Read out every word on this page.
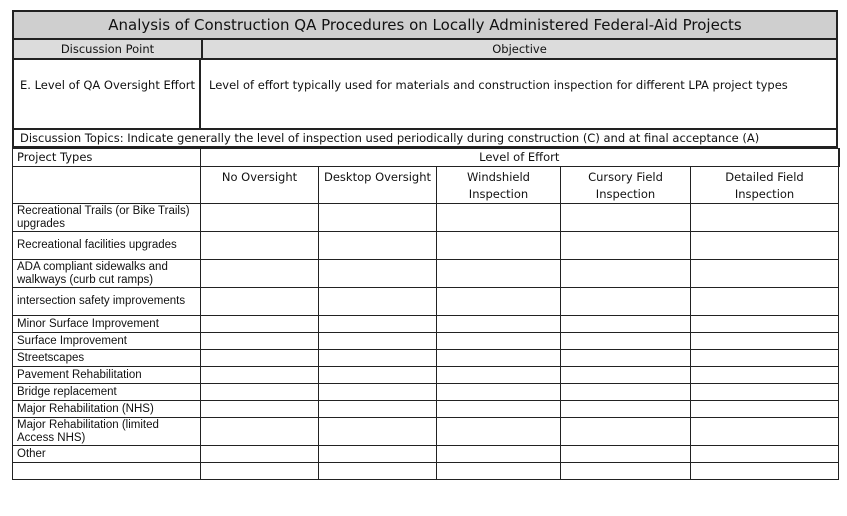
Analysis of Construction QA Procedures on Locally Administered Federal-Aid Projects
Discussion Point	Objective
E. Level of QA Oversight Effort	Level of effort typically used for materials and construction inspection for different LPA project types
Discussion Topics: Indicate generally the level of inspection used periodically during construction (C) and at final acceptance (A)
Project Types	Level of Effort				
	No Oversight	Desktop Oversight	Windshield Inspection	Cursory Field Inspection	Detailed Field Inspection
Recreational Trails (or Bike Trails) upgrades					
Recreational facilities upgrades					
ADA compliant sidewalks and walkways (curb cut ramps)					
intersection safety improvements					
Minor Surface Improvement					
Surface Improvement					
Streetscapes					
Pavement Rehabilitation					
Bridge replacement					
Major Rehabilitation (NHS)					
Major Rehabilitation (limited Access NHS)					
Other					
